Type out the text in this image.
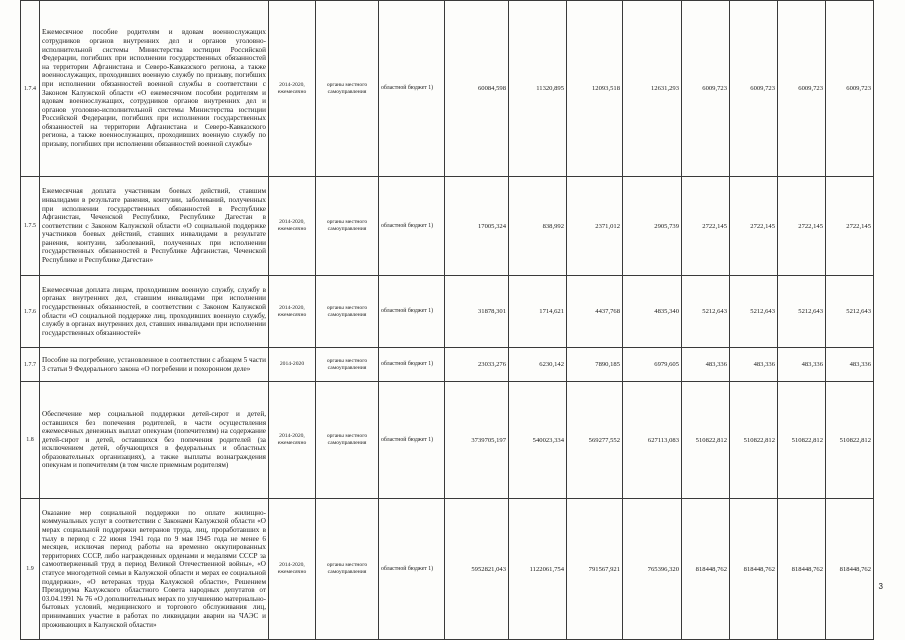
1.7.4	Ежемесячное пособие родителям и вдовам военнослужащих сотрудников органов внутренних дел и органов уголовно-исполнительной системы Министерства юстиции Российской Федерации, погибших при исполнении государственных обязанностей на территории Афганистана и Северо-Кавказского региона, а также военнослужащих, проходивших военную службу по призыву, погибших при исполнении обязанностей военной службы в соответствии с Законом Калужской области «О ежемесячном пособии родителям и вдовам военнослужащих, сотрудников органов внутренних дел и органов уголовно-исполнительной системы Министерства юстиции Российской Федерации, погибших при исполнении государственных обязанностей на территории Афганистана и Северо-Кавказского региона, а также военнослужащих, проходивших военную службу по призыву, погибших при исполнении обязанностей военной службы»	2014-2020, ежемесячно	органы местного самоуправления	областной бюджет 1)	60084,598	11320,895	12093,518	12631,293	6009,723	6009,723	6009,723	6009,723
1.7.5	Ежемесячная доплата участникам боевых действий, ставшим инвалидами в результате ранения, контузии, заболеваний, полученных при исполнении государственных обязанностей в Республике Афганистан, Чеченской Республике, Республике Дагестан в соответствии с Законом Калужской области «О социальной поддержке участников боевых действий, ставших инвалидами в результате ранения, контузии, заболеваний, полученных при исполнении государственных обязанностей в Республике Афганистан, Чеченской Республике и Республике Дагестан»	2014-2020, ежемесячно	органы местного самоуправления	областной бюджет 1)	17005,324	838,992	2371,012	2905,739	2722,145	2722,145	2722,145	2722,145
1.7.6	Ежемесячная доплата лицам, проходившим военную службу, службу в органах внутренних дел, ставшим инвалидами при исполнении государственных обязанностей, в соответствии с Законом Калужской области «О социальной поддержке лиц, проходивших военную службу, службу в органах внутренних дел, ставших инвалидами при исполнении государственных обязанностей»	2014-2020, ежемесячно	органы местного самоуправления	областной бюджет 1)	31878,301	1714,621	4437,768	4835,340	5212,643	5212,643	5212,643	5212,643
1.7.7	Пособие на погребение, установленное в соответствии с абзацем 5 части 3 статьи 9 Федерального закона «О погребении и похоронном деле»	2014-2020	органы местного самоуправления	областной бюджет 1)	23033,276	6230,142	7890,185	6979,605	483,336	483,336	483,336	483,336
1.8	Обеспечение мер социальной поддержки детей-сирот и детей, оставшихся без попечения родителей, в части осуществления ежемесячных денежных выплат опекунам (попечителям) на содержание детей-сирот и детей, оставшихся без попечения родителей (за исключением детей, обучающихся в федеральных и областных образовательных организациях), а также выплаты вознаграждения опекунам и попечителям (в том числе приемным родителям)	2014-2020, ежемесячно	органы местного самоуправления	областной бюджет 1)	3739705,197	540023,334	569277,552	627113,083	510822,812	510822,812	510822,812	510822,812
1.9	Оказание мер социальной поддержки по оплате жилищно-коммунальных услуг в соответствии с Законами Калужской области «О мерах социальной поддержки ветеранов труда, лиц, проработавших в тылу в период с 22 июня 1941 года по 9 мая 1945 года не менее 6 месяцев, исключая период работы на временно оккупированных территориях СССР, либо награжденных орденами и медалями СССР за самоотверженный труд в период Великой Отечественной войны», «О статусе многодетной семьи в Калужской области и мерах ее социальной поддержки», «О ветеранах труда Калужской области», Решением Президиума Калужского областного Совета народных депутатов от 03.04.1991 № 76 «О дополнительных мерах по улучшению материально-бытовых условий, медицинского и торгового обслуживания лиц, принимавших участие в работах по ликвидации аварии на ЧАЭС и проживающих в Калужской области»	2014-2020, ежемесячно	органы местного самоуправления	областной бюджет 1)	5952821,043	1122061,754	791567,921	765396,320	818448,762	818448,762	818448,762	818448,762
3
